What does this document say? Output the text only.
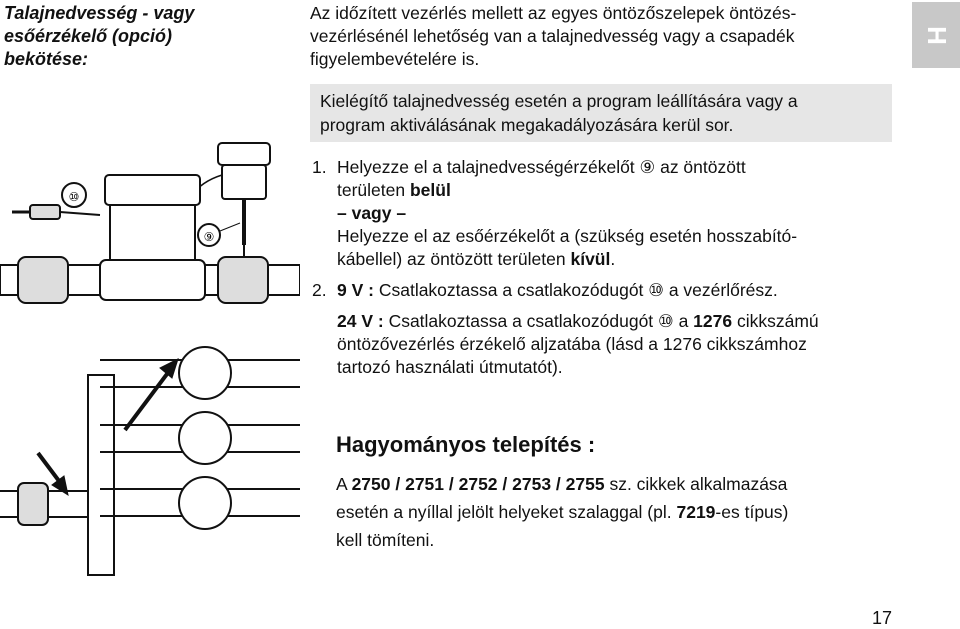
Talajnedvesség - vagy
esőérzékelő (opció)
bekötése:
Az időzített vezérlés mellett az egyes öntözőszelepek öntözés-
vezérlésénél lehetőség van a talajnedvesség vagy a csapadék
figyelembevételére is.
H
Kielégítő talajnedvesség esetén a program leállítására vagy a
program aktiválásának megakadályozására kerül sor.
1. Helyezze el a talajnedvességérzékelőt ⑨ az öntözött
területen belül
– vagy –
Helyezze el az esőérzékelőt a (szükség esetén hosszabító-
kábellel) az öntözött területen kívül.
2. 9 V : Csatlakoztassa a csatlakozódugót ⑩ a vezérlőrész.
24 V : Csatlakoztassa a csatlakozódugót ⑩ a 1276 cikkszámú
öntözővezérlés érzékelő aljzatába (lásd a 1276 cikkszámhoz
tartozó használati útmutatót).
Hagyományos telepítés :
A 2750 / 2751 / 2752 / 2753 / 2755 sz. cikkek alkalmazása
esetén a nyíllal jelölt helyeket szalaggal (pl. 7219-es típus)
kell tömíteni.
17
⑩
⑨
